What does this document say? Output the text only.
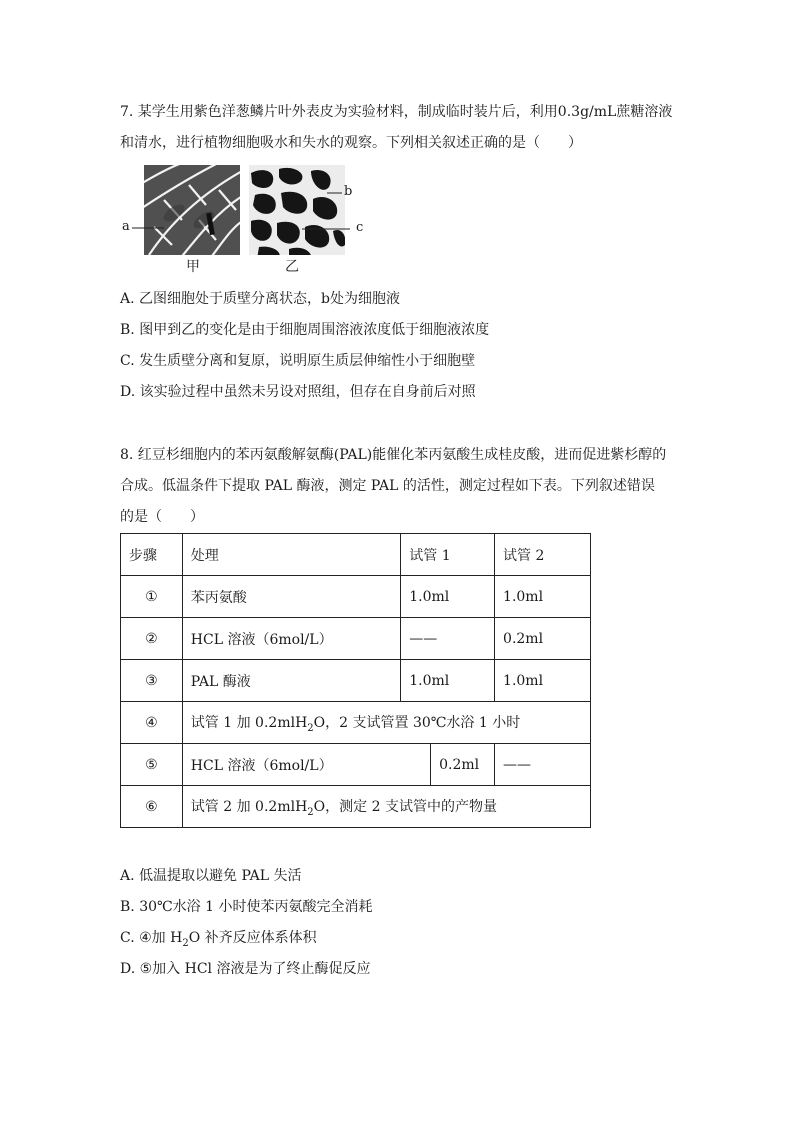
7. 某学生用紫色洋葱鳞片叶外表皮为实验材料，制成临时装片后，利用0.3g/mL蔗糖溶液
和清水，进行植物细胞吸水和失水的观察。下列相关叙述正确的是（　　）
a
b
c
甲	乙
A. 乙图细胞处于质壁分离状态，b处为细胞液
B. 图甲到乙的变化是由于细胞周围溶液浓度低于细胞液浓度
C. 发生质壁分离和复原，说明原生质层伸缩性小于细胞壁
D. 该实验过程中虽然未另设对照组，但存在自身前后对照
8. 红豆杉细胞内的苯丙氨酸解氨酶(PAL)能催化苯丙氨酸生成桂皮酸，进而促进紫杉醇的
合成。低温条件下提取 PAL 酶液，测定 PAL 的活性，测定过程如下表。下列叙述错误
的是（　　）
步骤	处理	试管 1		试管 2
①	苯丙氨酸	1.0ml		1.0ml
②	HCL 溶液（6mol/L）	——		0.2ml
③	PAL 酶液	1.0ml		1.0ml
④	试管 1 加 0.2mlH$_2$O，2 支试管置 30℃水浴 1 小时			
⑤	HCL 溶液（6mol/L）		0.2ml	——
⑥	试管 2 加 0.2mlH$_2$O，测定 2 支试管中的产物量			
A. 低温提取以避免 PAL 失活
B. 30℃水浴 1 小时使苯丙氨酸完全消耗
C. ④加 $H_2O$ 补齐反应体系体积
D. ⑤加入 HCl 溶液是为了终止酶促反应
